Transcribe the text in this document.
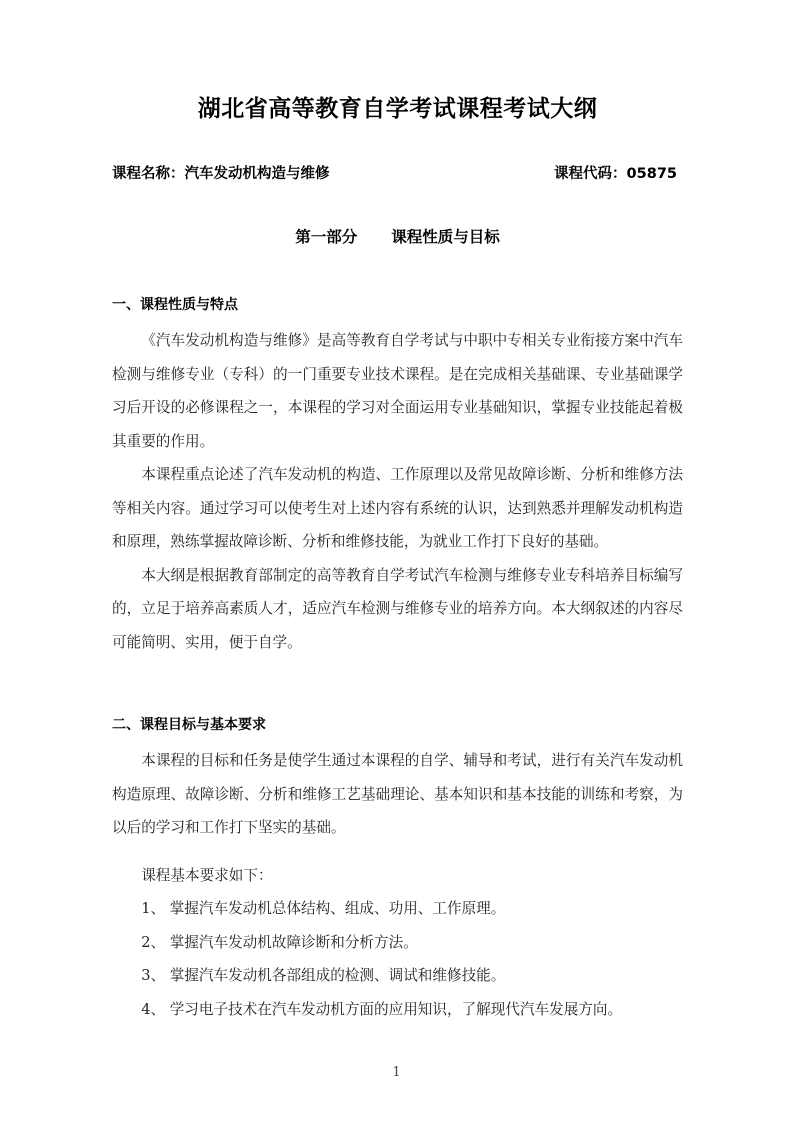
湖北省高等教育自学考试课程考试大纲
课程名称：汽车发动机构造与维修	课程代码：05875
第一部分 课程性质与目标
一、课程性质与特点

《汽车发动机构造与维修》是高等教育自学考试与中职中专相关专业衔接方案中汽车检测与维修专业（专科）的一门重要专业技术课程。是在完成相关基础课、专业基础课学习后开设的必修课程之一，本课程的学习对全面运用专业基础知识，掌握专业技能起着极其重要的作用。

本课程重点论述了汽车发动机的构造、工作原理以及常见故障诊断、分析和维修方法等相关内容。通过学习可以使考生对上述内容有系统的认识，达到熟悉并理解发动机构造和原理，熟练掌握故障诊断、分析和维修技能，为就业工作打下良好的基础。

本大纲是根据教育部制定的高等教育自学考试汽车检测与维修专业专科培养目标编写的，立足于培养高素质人才，适应汽车检测与维修专业的培养方向。本大纲叙述的内容尽可能简明、实用，便于自学。

二、课程目标与基本要求

本课程的目标和任务是使学生通过本课程的自学、辅导和考试，进行有关汽车发动机构造原理、故障诊断、分析和维修工艺基础理论、基本知识和基本技能的训练和考察，为以后的学习和工作打下坚实的基础。

课程基本要求如下：

1、 掌握汽车发动机总体结构、组成、功用、工作原理。
2、 掌握汽车发动机故障诊断和分析方法。
3、 掌握汽车发动机各部组成的检测、调试和维修技能。
4、 学习电子技术在汽车发动机方面的应用知识，了解现代汽车发展方向。
1
